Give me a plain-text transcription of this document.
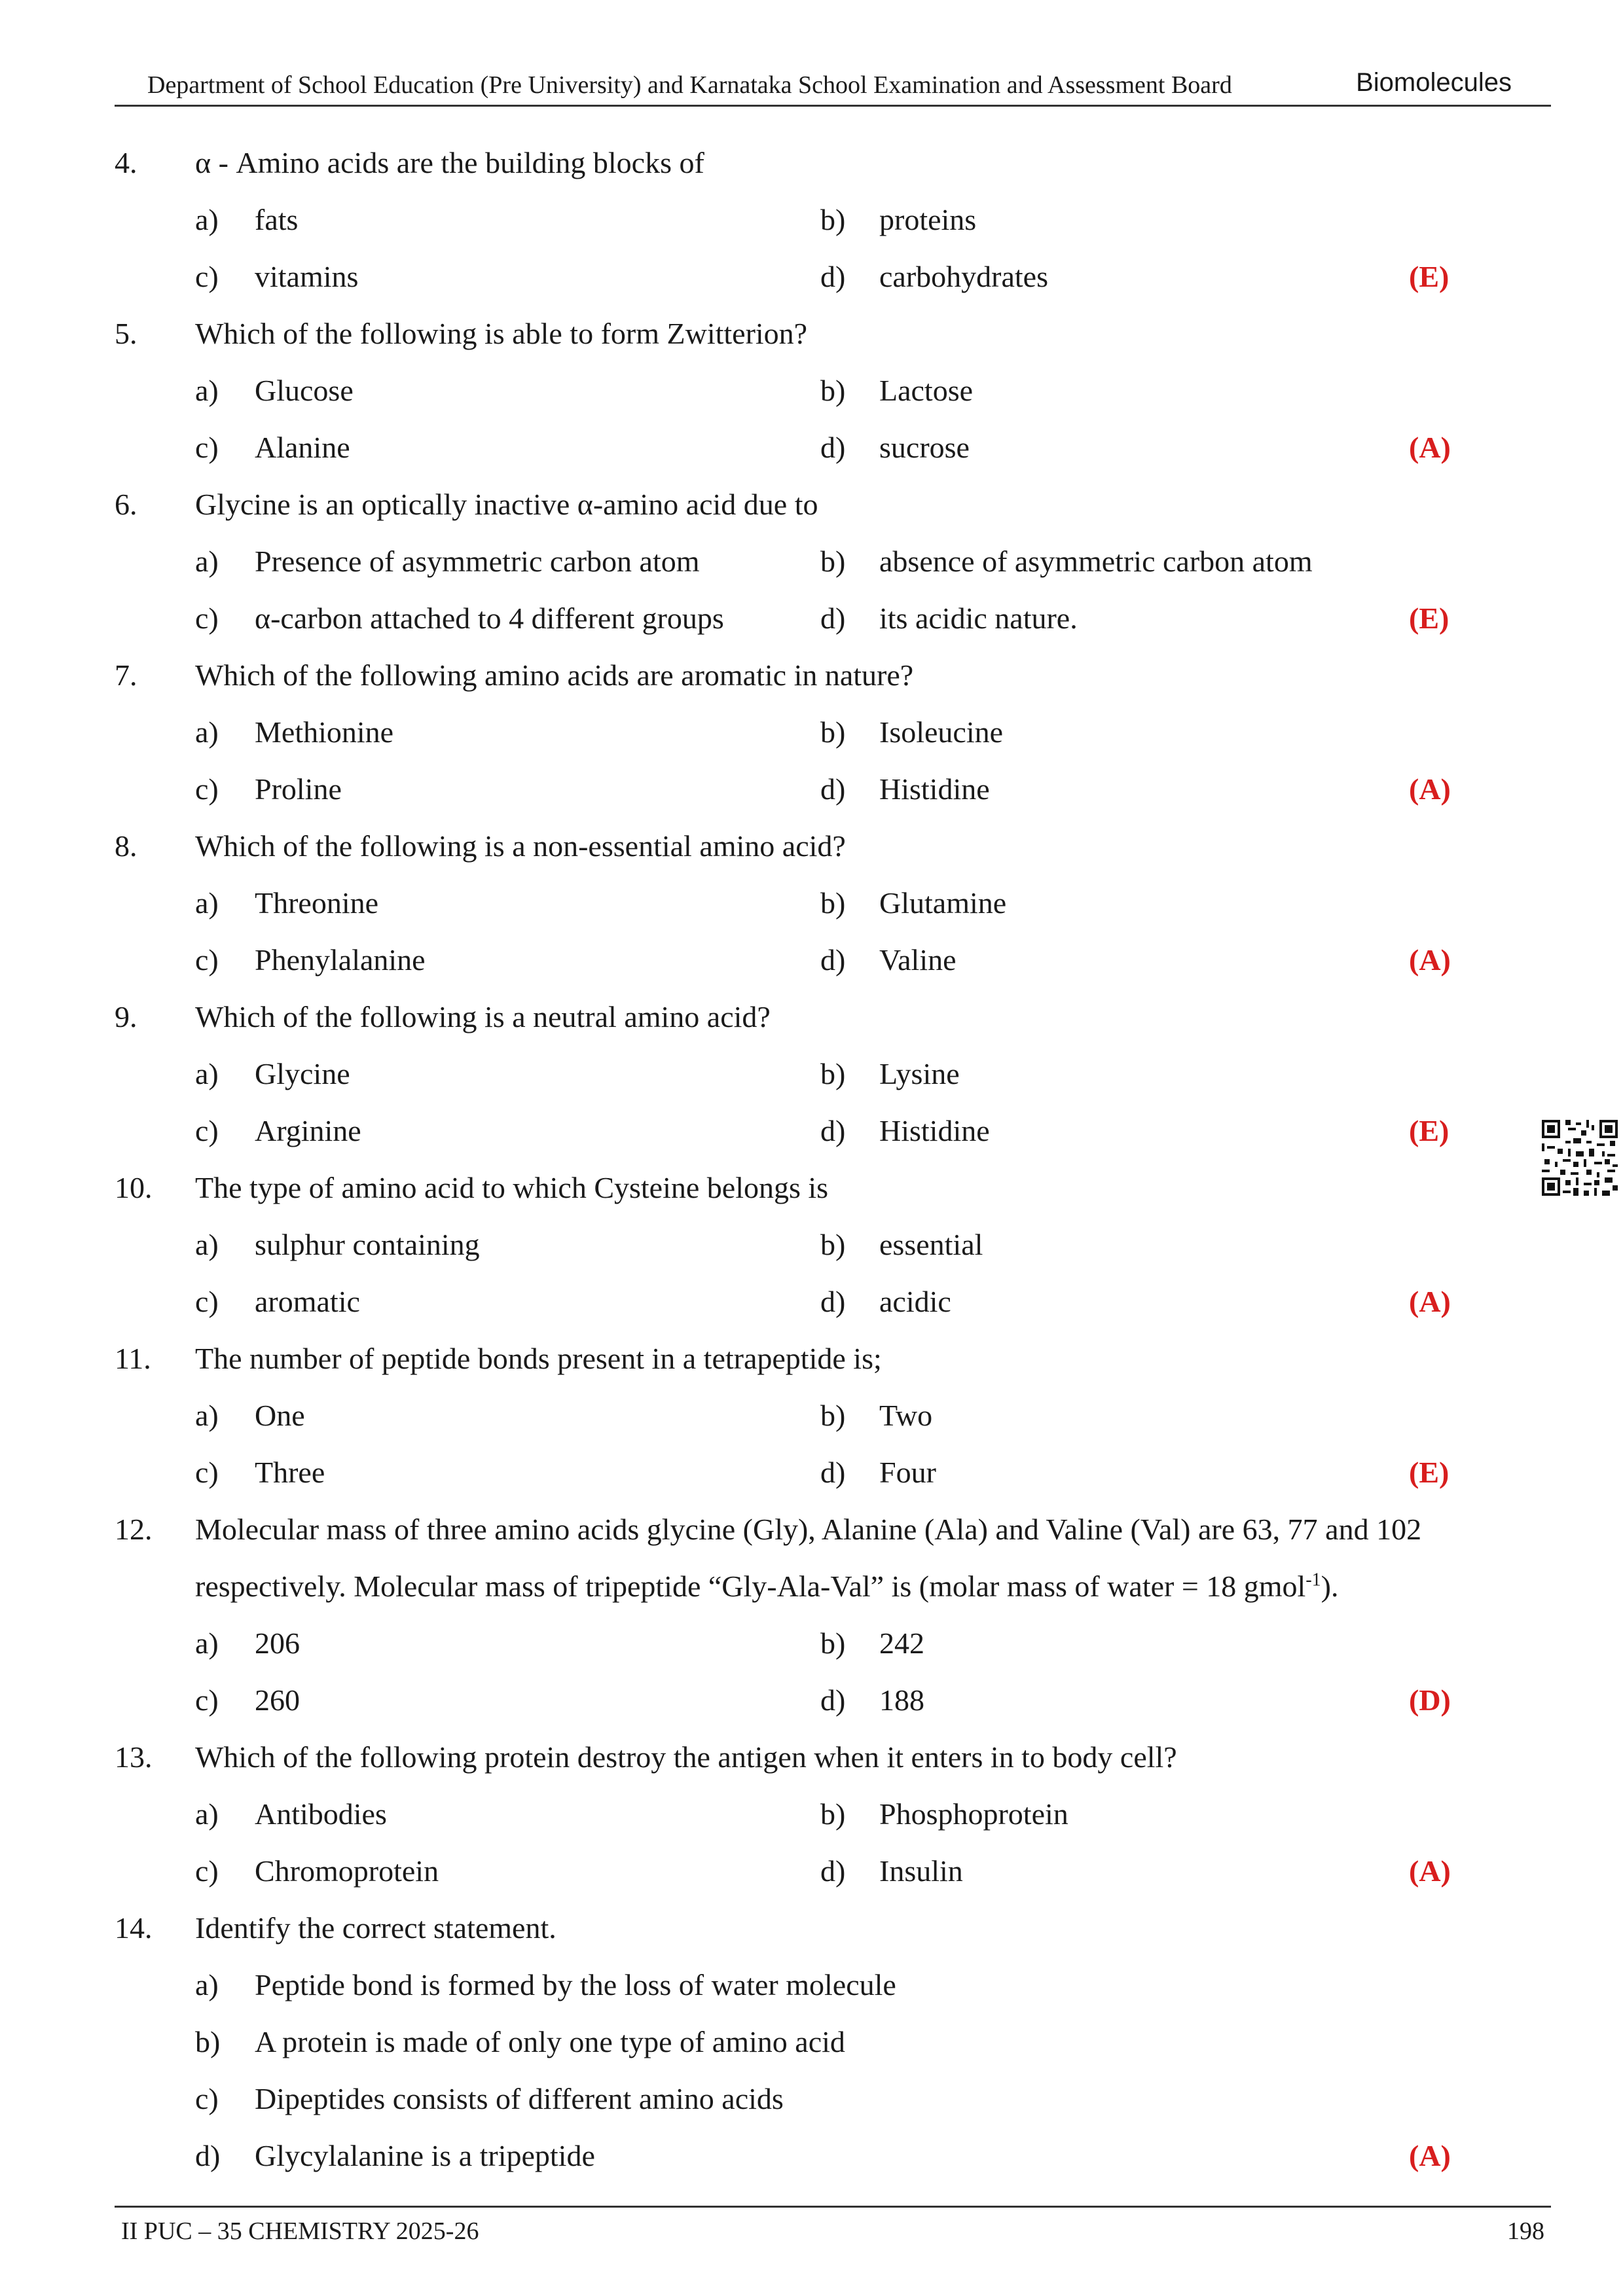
Department of School Education (Pre University) and Karnataka School Examination and Assessment Board	Biomolecules
4. α - Amino acids are the building blocks of
a) fats	b) proteins
c) vitamins	d) carbohydrates	(E)
5. Which of the following is able to form Zwitterion?
a) Glucose	b) Lactose
c) Alanine	d) sucrose	(A)
6. Glycine is an optically inactive α-amino acid due to
a) Presence of asymmetric carbon atom	b) absence of asymmetric carbon atom
c) α-carbon attached to 4 different groups	d) its acidic nature.	(E)
7. Which of the following amino acids are aromatic in nature?
a) Methionine	b) Isoleucine
c) Proline	d) Histidine	(A)
8. Which of the following is a non-essential amino acid?
a) Threonine	b) Glutamine
c) Phenylalanine	d) Valine	(A)
9. Which of the following is a neutral amino acid?
a) Glycine	b) Lysine
c) Arginine	d) Histidine	(E)
10. The type of amino acid to which Cysteine belongs is
a) sulphur containing	b) essential
c) aromatic	d) acidic	(A)
11. The number of peptide bonds present in a tetrapeptide is;
a) One	b) Two
c) Three	d) Four	(E)
12. Molecular mass of three amino acids glycine (Gly), Alanine (Ala) and Valine (Val) are 63, 77 and 102
respectively. Molecular mass of tripeptide “Gly-Ala-Val” is (molar mass of water = 18 gmol$^{-1}$).
a) 206	b) 242
c) 260	d) 188	(D)
13. Which of the following protein destroy the antigen when it enters in to body cell?
a) Antibodies	b) Phosphoprotein
c) Chromoprotein	d) Insulin	(A)
14. Identify the correct statement.
a) Peptide bond is formed by the loss of water molecule
b) A protein is made of only one type of amino acid
c) Dipeptides consists of different amino acids
d) Glycylalanine is a tripeptide	(A)
II PUC – 35 CHEMISTRY 2025-26	198
